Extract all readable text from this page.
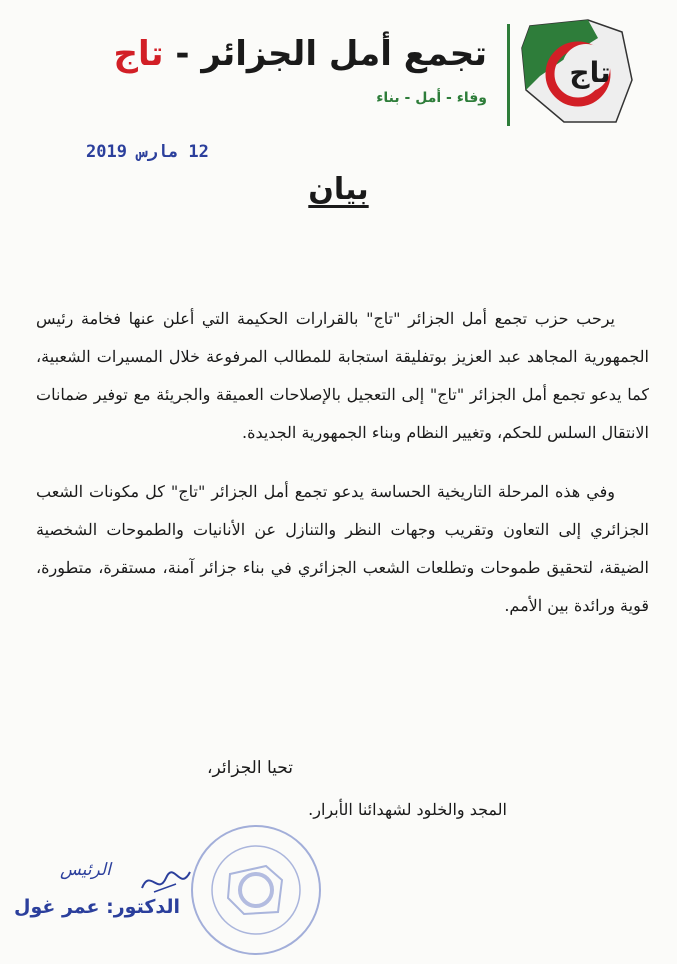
تاج
تجمع أمل الجزائر - تاج
وفاء - أمل - بناء
12 مارس 2019
بيان

يرحب حزب تجمع أمل الجزائر "تاج" بالقرارات الحكيمة التي أعلن عنها فخامة رئيس الجمهورية المجاهد عبد العزيز بوتفليقة استجابة للمطالب المرفوعة خلال المسيرات الشعبية، كما يدعو تجمع أمل الجزائر "تاج" إلى التعجيل بالإصلاحات العميقة والجريئة مع توفير ضمانات الانتقال السلس للحكم، وتغيير النظام وبناء الجمهورية الجديدة.

وفي هذه المرحلة التاريخية الحساسة يدعو تجمع أمل الجزائر "تاج" كل مكونات الشعب الجزائري إلى التعاون وتقريب وجهات النظر والتنازل عن الأنانيات والطموحات الشخصية الضيقة، لتحقيق طموحات وتطلعات الشعب الجزائري في بناء جزائر آمنة، مستقرة، متطورة، قوية ورائدة بين الأمم.

تحيا الجزائر،
المجد والخلود لشهدائنا الأبرار.
الرئيس
الدكتور: عمر غول
